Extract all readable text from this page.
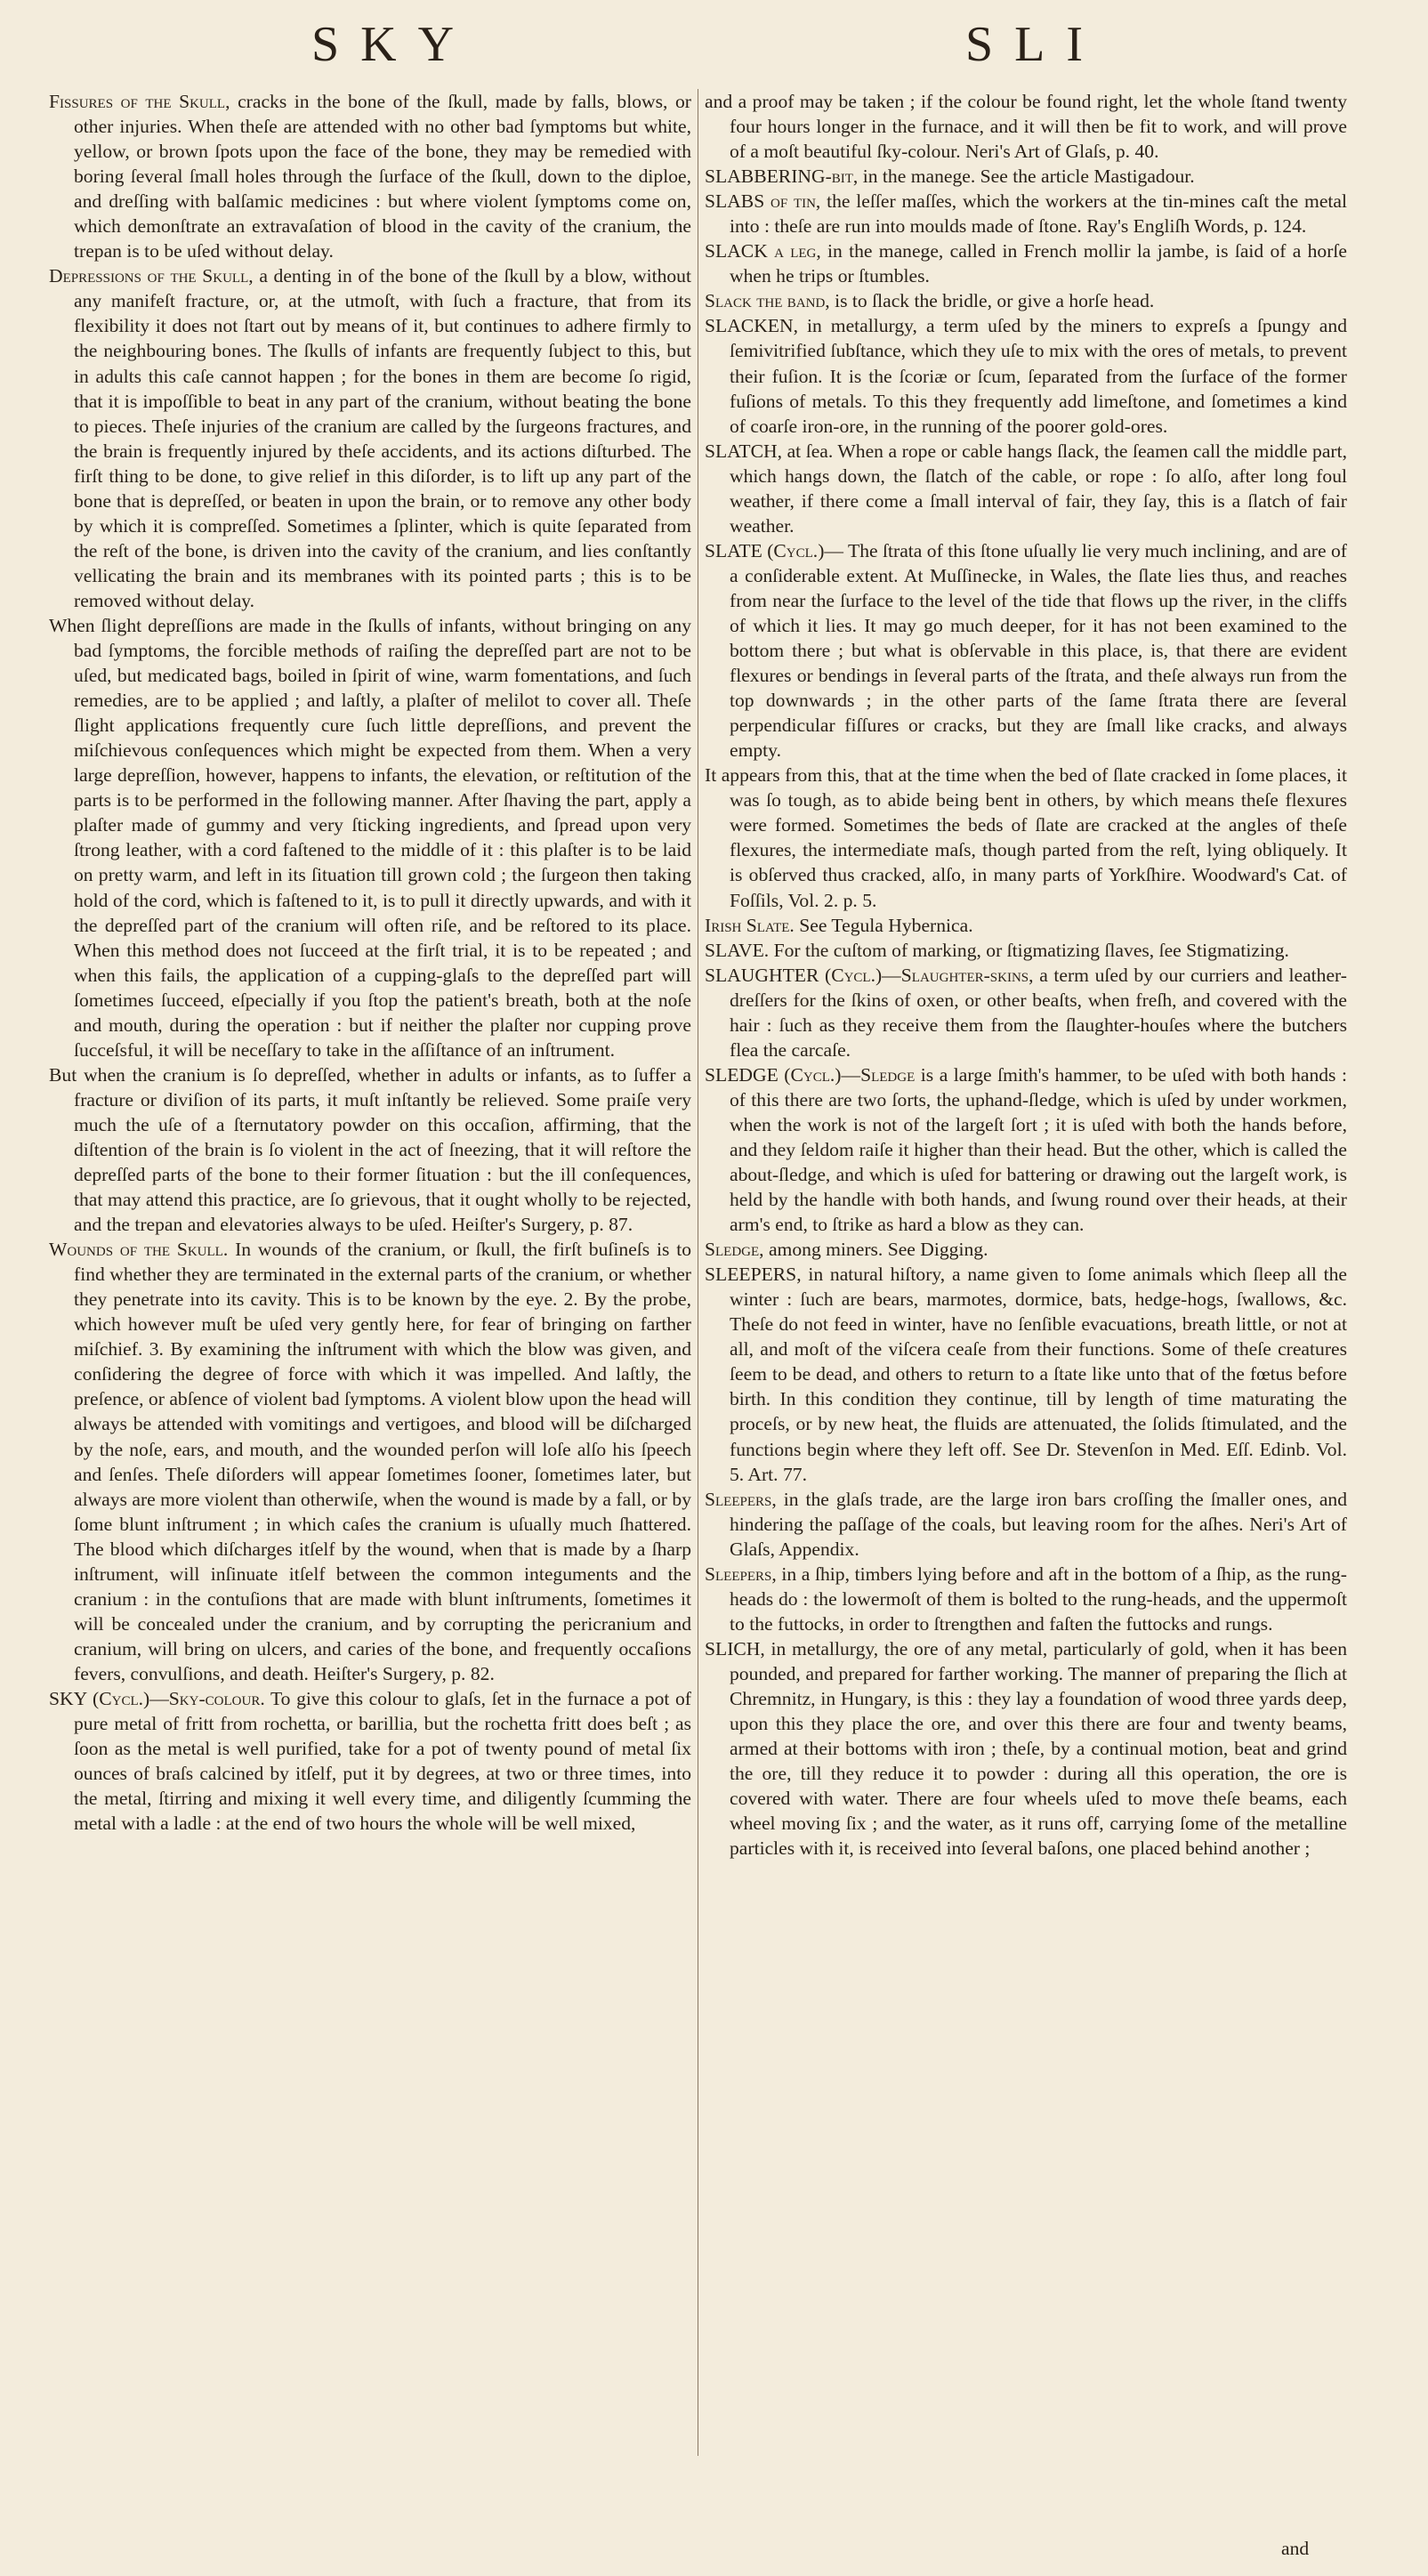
SKY	SLI

Fiſſures of the Skull, cracks in the bone of the ſkull, made by falls, blows, or other injuries. When theſe are attended with no other bad ſymptoms but white, yellow, or brown ſpots upon the face of the bone, they may be remedied with boring ſeveral ſmall holes through the ſurface of the ſkull, down to the diploe, and dreſſing with balſamic medicines : but where violent ſymptoms come on, which demonſtrate an extravaſation of blood in the cavity of the cranium, the trepan is to be uſed without delay.

Depreſſions of the Skull, a denting in of the bone of the ſkull by a blow, without any manifeſt fracture, or, at the utmoſt, with ſuch a fracture, that from its flexibility it does not ſtart out by means of it, but continues to adhere firmly to the neighbouring bones. The ſkulls of infants are frequently ſubject to this, but in adults this caſe cannot happen ; for the bones in them are become ſo rigid, that it is impoſſible to beat in any part of the cranium, without beating the bone to pieces. Theſe injuries of the cranium are called by the ſurgeons fractures, and the brain is frequently injured by theſe accidents, and its actions diſturbed. The firſt thing to be done, to give relief in this diſorder, is to lift up any part of the bone that is depreſſed, or beaten in upon the brain, or to remove any other body by which it is compreſſed. Sometimes a ſplinter, which is quite ſeparated from the reſt of the bone, is driven into the cavity of the cranium, and lies conſtantly vellicating the brain and its membranes with its pointed parts ; this is to be removed without delay.

When ſlight depreſſions are made in the ſkulls of infants, without bringing on any bad ſymptoms, the forcible methods of raiſing the depreſſed part are not to be uſed, but medicated bags, boiled in ſpirit of wine, warm fomentations, and ſuch remedies, are to be applied ; and laſtly, a plaſter of melilot to cover all. Theſe ſlight applications frequently cure ſuch little depreſſions, and prevent the miſchievous conſequences which might be expected from them. When a very large depreſſion, however, happens to infants, the elevation, or reſtitution of the parts is to be performed in the following manner. After ſhaving the part, apply a plaſter made of gummy and very ſticking ingredients, and ſpread upon very ſtrong leather, with a cord faſtened to the middle of it : this plaſter is to be laid on pretty warm, and left in its ſituation till grown cold ; the ſurgeon then taking hold of the cord, which is faſtened to it, is to pull it directly upwards, and with it the depreſſed part of the cranium will often riſe, and be reſtored to its place. When this method does not ſucceed at the firſt trial, it is to be repeated ; and when this fails, the application of a cupping-glaſs to the depreſſed part will ſometimes ſucceed, eſpecially if you ſtop the patient's breath, both at the noſe and mouth, during the operation : but if neither the plaſter nor cupping prove ſucceſsful, it will be neceſſary to take in the aſſiſtance of an inſtrument.

But when the cranium is ſo depreſſed, whether in adults or infants, as to ſuffer a fracture or diviſion of its parts, it muſt inſtantly be relieved. Some praiſe very much the uſe of a ſternutatory powder on this occaſion, affirming, that the diſtention of the brain is ſo violent in the act of ſneezing, that it will reſtore the depreſſed parts of the bone to their former ſituation : but the ill conſequences, that may attend this practice, are ſo grievous, that it ought wholly to be rejected, and the trepan and elevatories always to be uſed. Heiſter's Surgery, p. 87.

Wounds of the Skull. In wounds of the cranium, or ſkull, the firſt buſineſs is to find whether they are terminated in the external parts of the cranium, or whether they penetrate into its cavity. This is to be known by the eye. 2. By the probe, which however muſt be uſed very gently here, for fear of bringing on farther miſchief. 3. By examining the inſtrument with which the blow was given, and conſidering the degree of force with which it was impelled. And laſtly, the preſence, or abſence of violent bad ſymptoms. A violent blow upon the head will always be attended with vomitings and vertigoes, and blood will be diſcharged by the noſe, ears, and mouth, and the wounded perſon will loſe alſo his ſpeech and ſenſes. Theſe diſorders will appear ſometimes ſooner, ſometimes later, but always are more violent than otherwiſe, when the wound is made by a fall, or by ſome blunt inſtrument ; in which caſes the cranium is uſually much ſhattered. The blood which diſcharges itſelf by the wound, when that is made by a ſharp inſtrument, will inſinuate itſelf between the common integuments and the cranium : in the contuſions that are made with blunt inſtruments, ſometimes it will be concealed under the cranium, and by corrupting the pericranium and cranium, will bring on ulcers, and caries of the bone, and frequently occaſions fevers, convulſions, and death. Heiſter's Surgery, p. 82.

SKY (Cycl.)—Sky-colour. To give this colour to glaſs, ſet in the furnace a pot of pure metal of fritt from rochetta, or barillia, but the rochetta fritt does beſt ; as ſoon as the metal is well purified, take for a pot of twenty pound of metal ſix ounces of braſs calcined by itſelf, put it by degrees, at two or three times, into the metal, ſtirring and mixing it well every time, and diligently ſcumming the metal with a ladle : at the end of two hours the whole will be well mixed,

and a proof may be taken ; if the colour be found right, let the whole ſtand twenty four hours longer in the furnace, and it will then be fit to work, and will prove of a moſt beautiful ſky-colour. Neri's Art of Glaſs, p. 40.

SLABBERING-bit, in the manege. See the article Mastigadour.

SLABS of tin, the leſſer maſſes, which the workers at the tin-mines caſt the metal into : theſe are run into moulds made of ſtone. Ray's Engliſh Words, p. 124.

SLACK a leg, in the manege, called in French mollir la jambe, is ſaid of a horſe when he trips or ſtumbles.

Slack the band, is to ſlack the bridle, or give a horſe head.

SLACKEN, in metallurgy, a term uſed by the miners to expreſs a ſpungy and ſemivitrified ſubſtance, which they uſe to mix with the ores of metals, to prevent their fuſion. It is the ſcoriæ or ſcum, ſeparated from the ſurface of the former fuſions of metals. To this they frequently add limeſtone, and ſometimes a kind of coarſe iron-ore, in the running of the poorer gold-ores.

SLATCH, at ſea. When a rope or cable hangs ſlack, the ſeamen call the middle part, which hangs down, the ſlatch of the cable, or rope : ſo alſo, after long foul weather, if there come a ſmall interval of fair, they ſay, this is a ſlatch of fair weather.

SLATE (Cycl.)— The ſtrata of this ſtone uſually lie very much inclining, and are of a conſiderable extent. At Muſſinecke, in Wales, the ſlate lies thus, and reaches from near the ſurface to the level of the tide that flows up the river, in the cliffs of which it lies. It may go much deeper, for it has not been examined to the bottom there ; but what is obſervable in this place, is, that there are evident flexures or bendings in ſeveral parts of the ſtrata, and theſe always run from the top downwards ; in the other parts of the ſame ſtrata there are ſeveral perpendicular fiſſures or cracks, but they are ſmall like cracks, and always empty.

It appears from this, that at the time when the bed of ſlate cracked in ſome places, it was ſo tough, as to abide being bent in others, by which means theſe flexures were formed. Sometimes the beds of ſlate are cracked at the angles of theſe flexures, the intermediate maſs, though parted from the reſt, lying obliquely. It is obſerved thus cracked, alſo, in many parts of Yorkſhire. Woodward's Cat. of Foſſils, Vol. 2. p. 5.

Iriſh Slate. See Tegula Hybernica.

SLAVE. For the cuſtom of marking, or ſtigmatizing ſlaves, ſee Stigmatizing.

SLAUGHTER (Cycl.)—Slaughter-ſkins, a term uſed by our curriers and leather-dreſſers for the ſkins of oxen, or other beaſts, when freſh, and covered with the hair : ſuch as they receive them from the ſlaughter-houſes where the butchers flea the carcaſe.

SLEDGE (Cycl.)—Sledge is a large ſmith's hammer, to be uſed with both hands : of this there are two ſorts, the uphand-ſledge, which is uſed by under workmen, when the work is not of the largeſt ſort ; it is uſed with both the hands before, and they ſeldom raiſe it higher than their head. But the other, which is called the about-ſledge, and which is uſed for battering or drawing out the largeſt work, is held by the handle with both hands, and ſwung round over their heads, at their arm's end, to ſtrike as hard a blow as they can.

Sledge, among miners. See Digging.

SLEEPERS, in natural hiſtory, a name given to ſome animals which ſleep all the winter : ſuch are bears, marmotes, dormice, bats, hedge-hogs, ſwallows, &c. Theſe do not feed in winter, have no ſenſible evacuations, breath little, or not at all, and moſt of the viſcera ceaſe from their functions. Some of theſe creatures ſeem to be dead, and others to return to a ſtate like unto that of the fœtus before birth. In this condition they continue, till by length of time maturating the proceſs, or by new heat, the fluids are attenuated, the ſolids ſtimulated, and the functions begin where they left off. See Dr. Stevenſon in Med. Eſſ. Edinb. Vol. 5. Art. 77.

Sleepers, in the glaſs trade, are the large iron bars croſſing the ſmaller ones, and hindering the paſſage of the coals, but leaving room for the aſhes. Neri's Art of Glaſs, Appendix.

Sleepers, in a ſhip, timbers lying before and aft in the bottom of a ſhip, as the rung-heads do : the lowermoſt of them is bolted to the rung-heads, and the uppermoſt to the futtocks, in order to ſtrengthen and faſten the futtocks and rungs.

SLICH, in metallurgy, the ore of any metal, particularly of gold, when it has been pounded, and prepared for farther working. The manner of preparing the ſlich at Chremnitz, in Hungary, is this : they lay a foundation of wood three yards deep, upon this they place the ore, and over this there are four and twenty beams, armed at their bottoms with iron ; theſe, by a continual motion, beat and grind the ore, till they reduce it to powder : during all this operation, the ore is covered with water. There are four wheels uſed to move theſe beams, each wheel moving ſix ; and the water, as it runs off, carrying ſome of the metalline particles with it, is received into ſeveral baſons, one placed behind another ;

and
